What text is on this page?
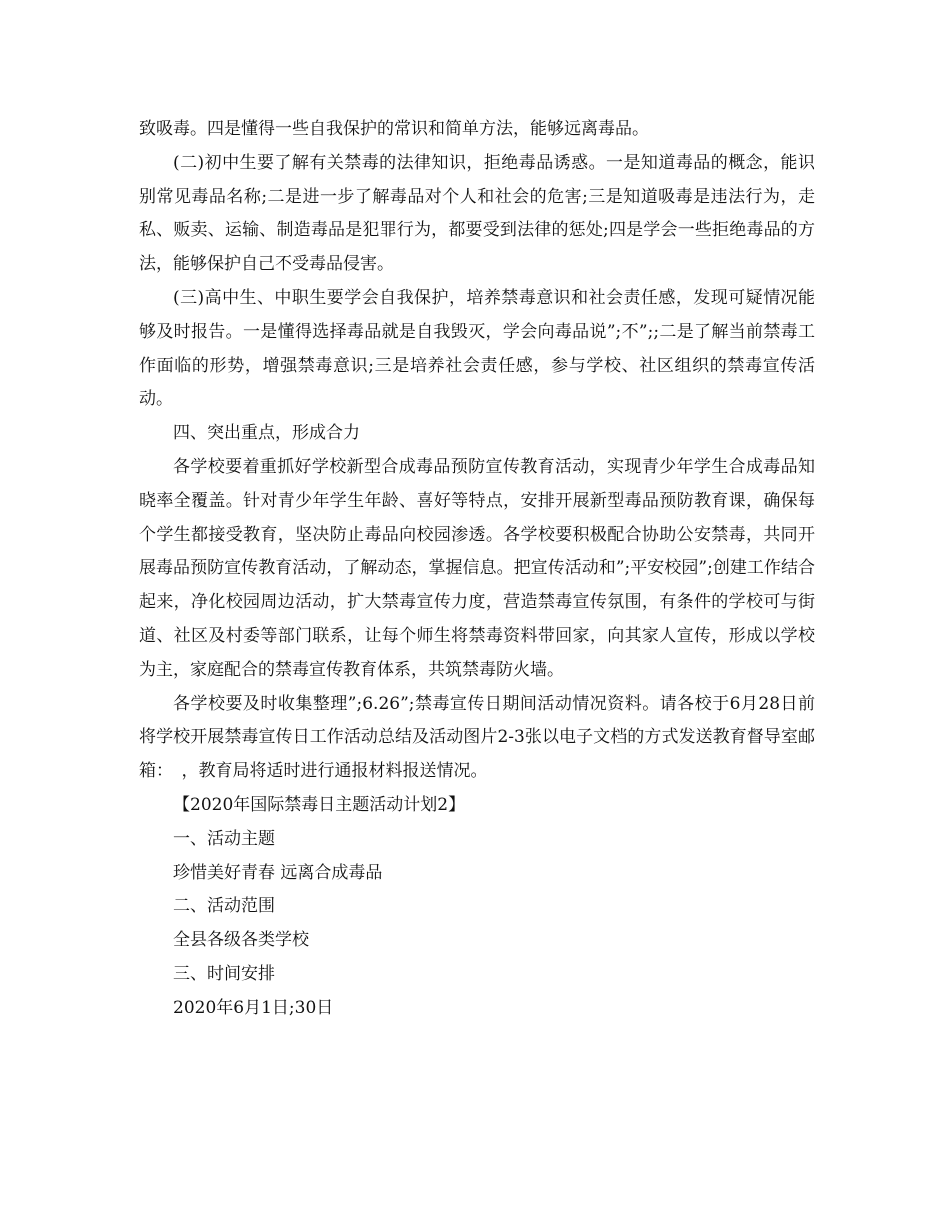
致吸毒。四是懂得一些自我保护的常识和简单方法，能够远离毒品。

(二)初中生要了解有关禁毒的法律知识，拒绝毒品诱惑。一是知道毒品的概念，能识别常见毒品名称;二是进一步了解毒品对个人和社会的危害;三是知道吸毒是违法行为，走私、贩卖、运输、制造毒品是犯罪行为，都要受到法律的惩处;四是学会一些拒绝毒品的方法，能够保护自己不受毒品侵害。

(三)高中生、中职生要学会自我保护，培养禁毒意识和社会责任感，发现可疑情况能够及时报告。一是懂得选择毒品就是自我毁灭，学会向毒品说”;不”;;二是了解当前禁毒工作面临的形势，增强禁毒意识;三是培养社会责任感，参与学校、社区组织的禁毒宣传活动。

四、突出重点，形成合力

各学校要着重抓好学校新型合成毒品预防宣传教育活动，实现青少年学生合成毒品知晓率全覆盖。针对青少年学生年龄、喜好等特点，安排开展新型毒品预防教育课，确保每个学生都接受教育，坚决防止毒品向校园渗透。各学校要积极配合协助公安禁毒，共同开展毒品预防宣传教育活动，了解动态，掌握信息。把宣传活动和”;平安校园”;创建工作结合起来，净化校园周边活动，扩大禁毒宣传力度，营造禁毒宣传氛围，有条件的学校可与街道、社区及村委等部门联系，让每个师生将禁毒资料带回家，向其家人宣传，形成以学校为主，家庭配合的禁毒宣传教育体系，共筑禁毒防火墙。

各学校要及时收集整理”;6.26”;禁毒宣传日期间活动情况资料。请各校于6月28日前将学校开展禁毒宣传日工作活动总结及活动图片2-3张以电子文档的方式发送教育督导室邮箱：　，教育局将适时进行通报材料报送情况。

【2020年国际禁毒日主题活动计划2】

一、活动主题

珍惜美好青春 远离合成毒品

二、活动范围

全县各级各类学校

三、时间安排

2020年6月1日;30日
